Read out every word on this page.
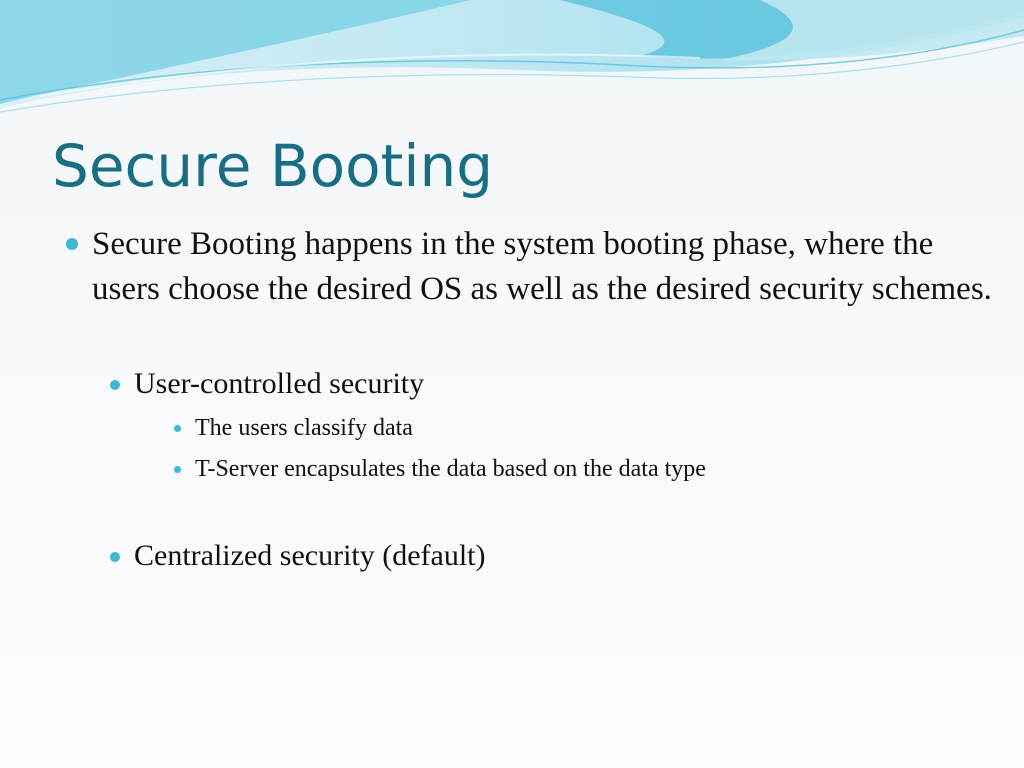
Secure Booting
Secure Booting happens in the system booting phase, where the users choose the desired OS as well as the desired security schemes.
User-controlled security
The users classify data
T-Server encapsulates the data based on the data type
Centralized security (default)
